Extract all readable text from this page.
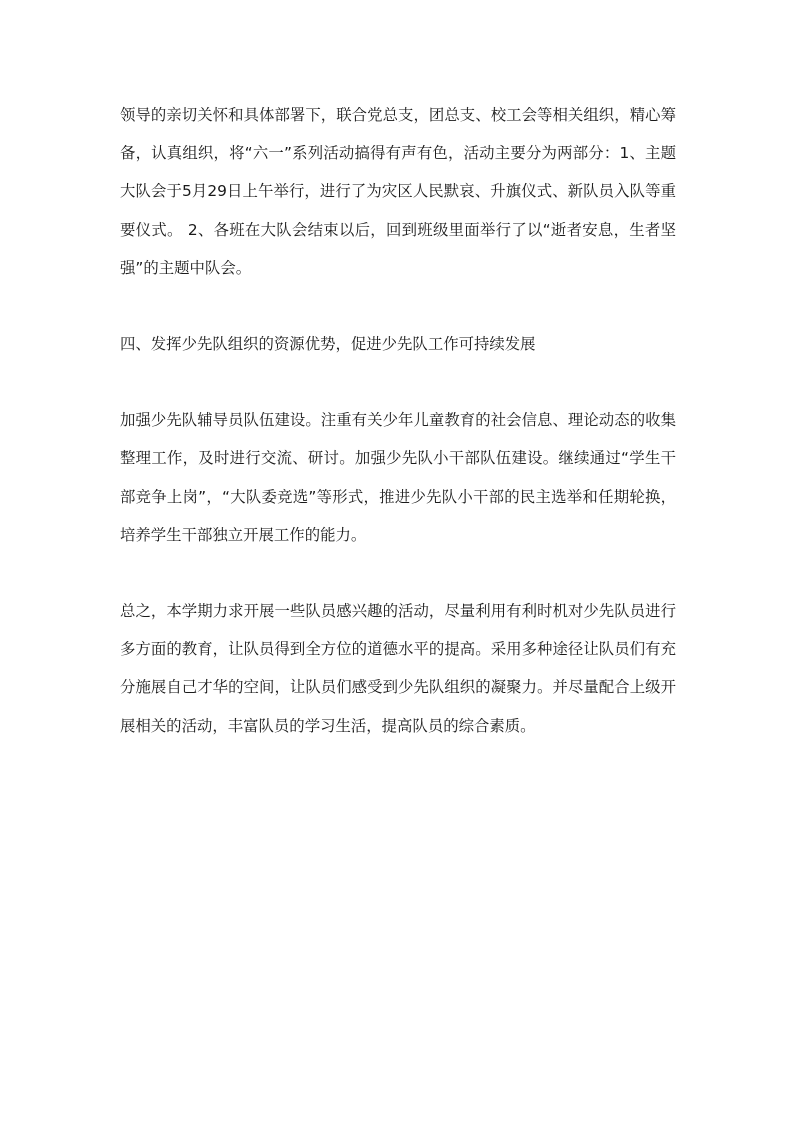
领导的亲切关怀和具体部署下，联合党总支，团总支、校工会等相关组织，精心筹备，认真组织，将“六一”系列活动搞得有声有色，活动主要分为两部分：1、主题大队会于5月29日上午举行，进行了为灾区人民默哀、升旗仪式、新队员入队等重要仪式。 2、各班在大队会结束以后，回到班级里面举行了以“逝者安息，生者坚强”的主题中队会。

四、发挥少先队组织的资源优势，促进少先队工作可持续发展

加强少先队辅导员队伍建设。注重有关少年儿童教育的社会信息、理论动态的收集整理工作，及时进行交流、研讨。加强少先队小干部队伍建设。继续通过“学生干部竞争上岗”，“大队委竞选”等形式，推进少先队小干部的民主选举和任期轮换，培养学生干部独立开展工作的能力。

总之，本学期力求开展一些队员感兴趣的活动，尽量利用有利时机对少先队员进行多方面的教育，让队员得到全方位的道德水平的提高。采用多种途径让队员们有充分施展自己才华的空间，让队员们感受到少先队组织的凝聚力。并尽量配合上级开展相关的活动，丰富队员的学习生活，提高队员的综合素质。
